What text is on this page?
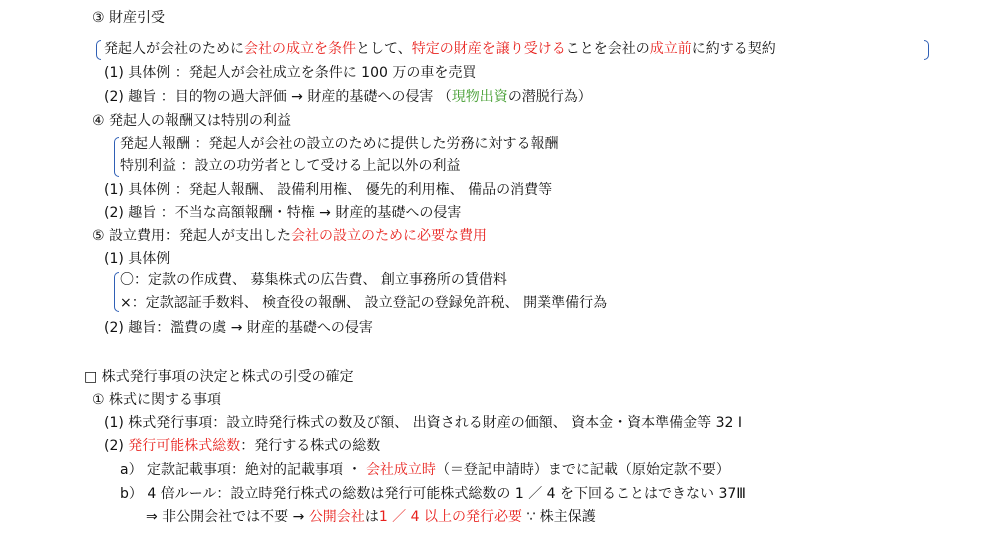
③ 財産引受
発起人が会社のために会社の成立を条件として、特定の財産を譲り受けることを会社の成立前に約する契約
(1) 具体例 ：発起人が会社成立を条件に 100 万の車を売買
(2) 趣旨 ：目的物の過大評価 → 財産的基礎への侵害 （現物出資の潜脱行為）
④ 発起人の報酬又は特別の利益
発起人報酬 ：発起人が会社の設立のために提供した労務に対する報酬
特別利益 ：設立の功労者として受ける上記以外の利益
(1) 具体例 ：発起人報酬、 設備利用権、 優先的利用権、 備品の消費等
(2) 趣旨 ：不当な高額報酬・特権 → 財産的基礎への侵害
⑤ 設立費用：発起人が支出した会社の設立のために必要な費用
(1) 具体例
〇：定款の作成費、 募集株式の広告費、 創立事務所の賃借料
×：定款認証手数料、 検査役の報酬、 設立登記の登録免許税、 開業準備行為
(2) 趣旨：濫費の虞 → 財産的基礎への侵害
□ 株式発行事項の決定と株式の引受の確定
① 株式に関する事項
(1) 株式発行事項：設立時発行株式の数及び額、 出資される財産の価額、 資本金・資本準備金等 32 Ⅰ
(2) 発行可能株式総数：発行する株式の総数
a） 定款記載事項：絶対的記載事項 ・ 会社成立時（＝登記申請時）までに記載（原始定款不要）
b） 4 倍ルール：設立時発行株式の総数は発行可能株式総数の 1 ／ 4 を下回ることはできない 37Ⅲ
⇒ 非公開会社では不要 → 公開会社は1 ／ 4 以上の発行必要 ∵ 株主保護
